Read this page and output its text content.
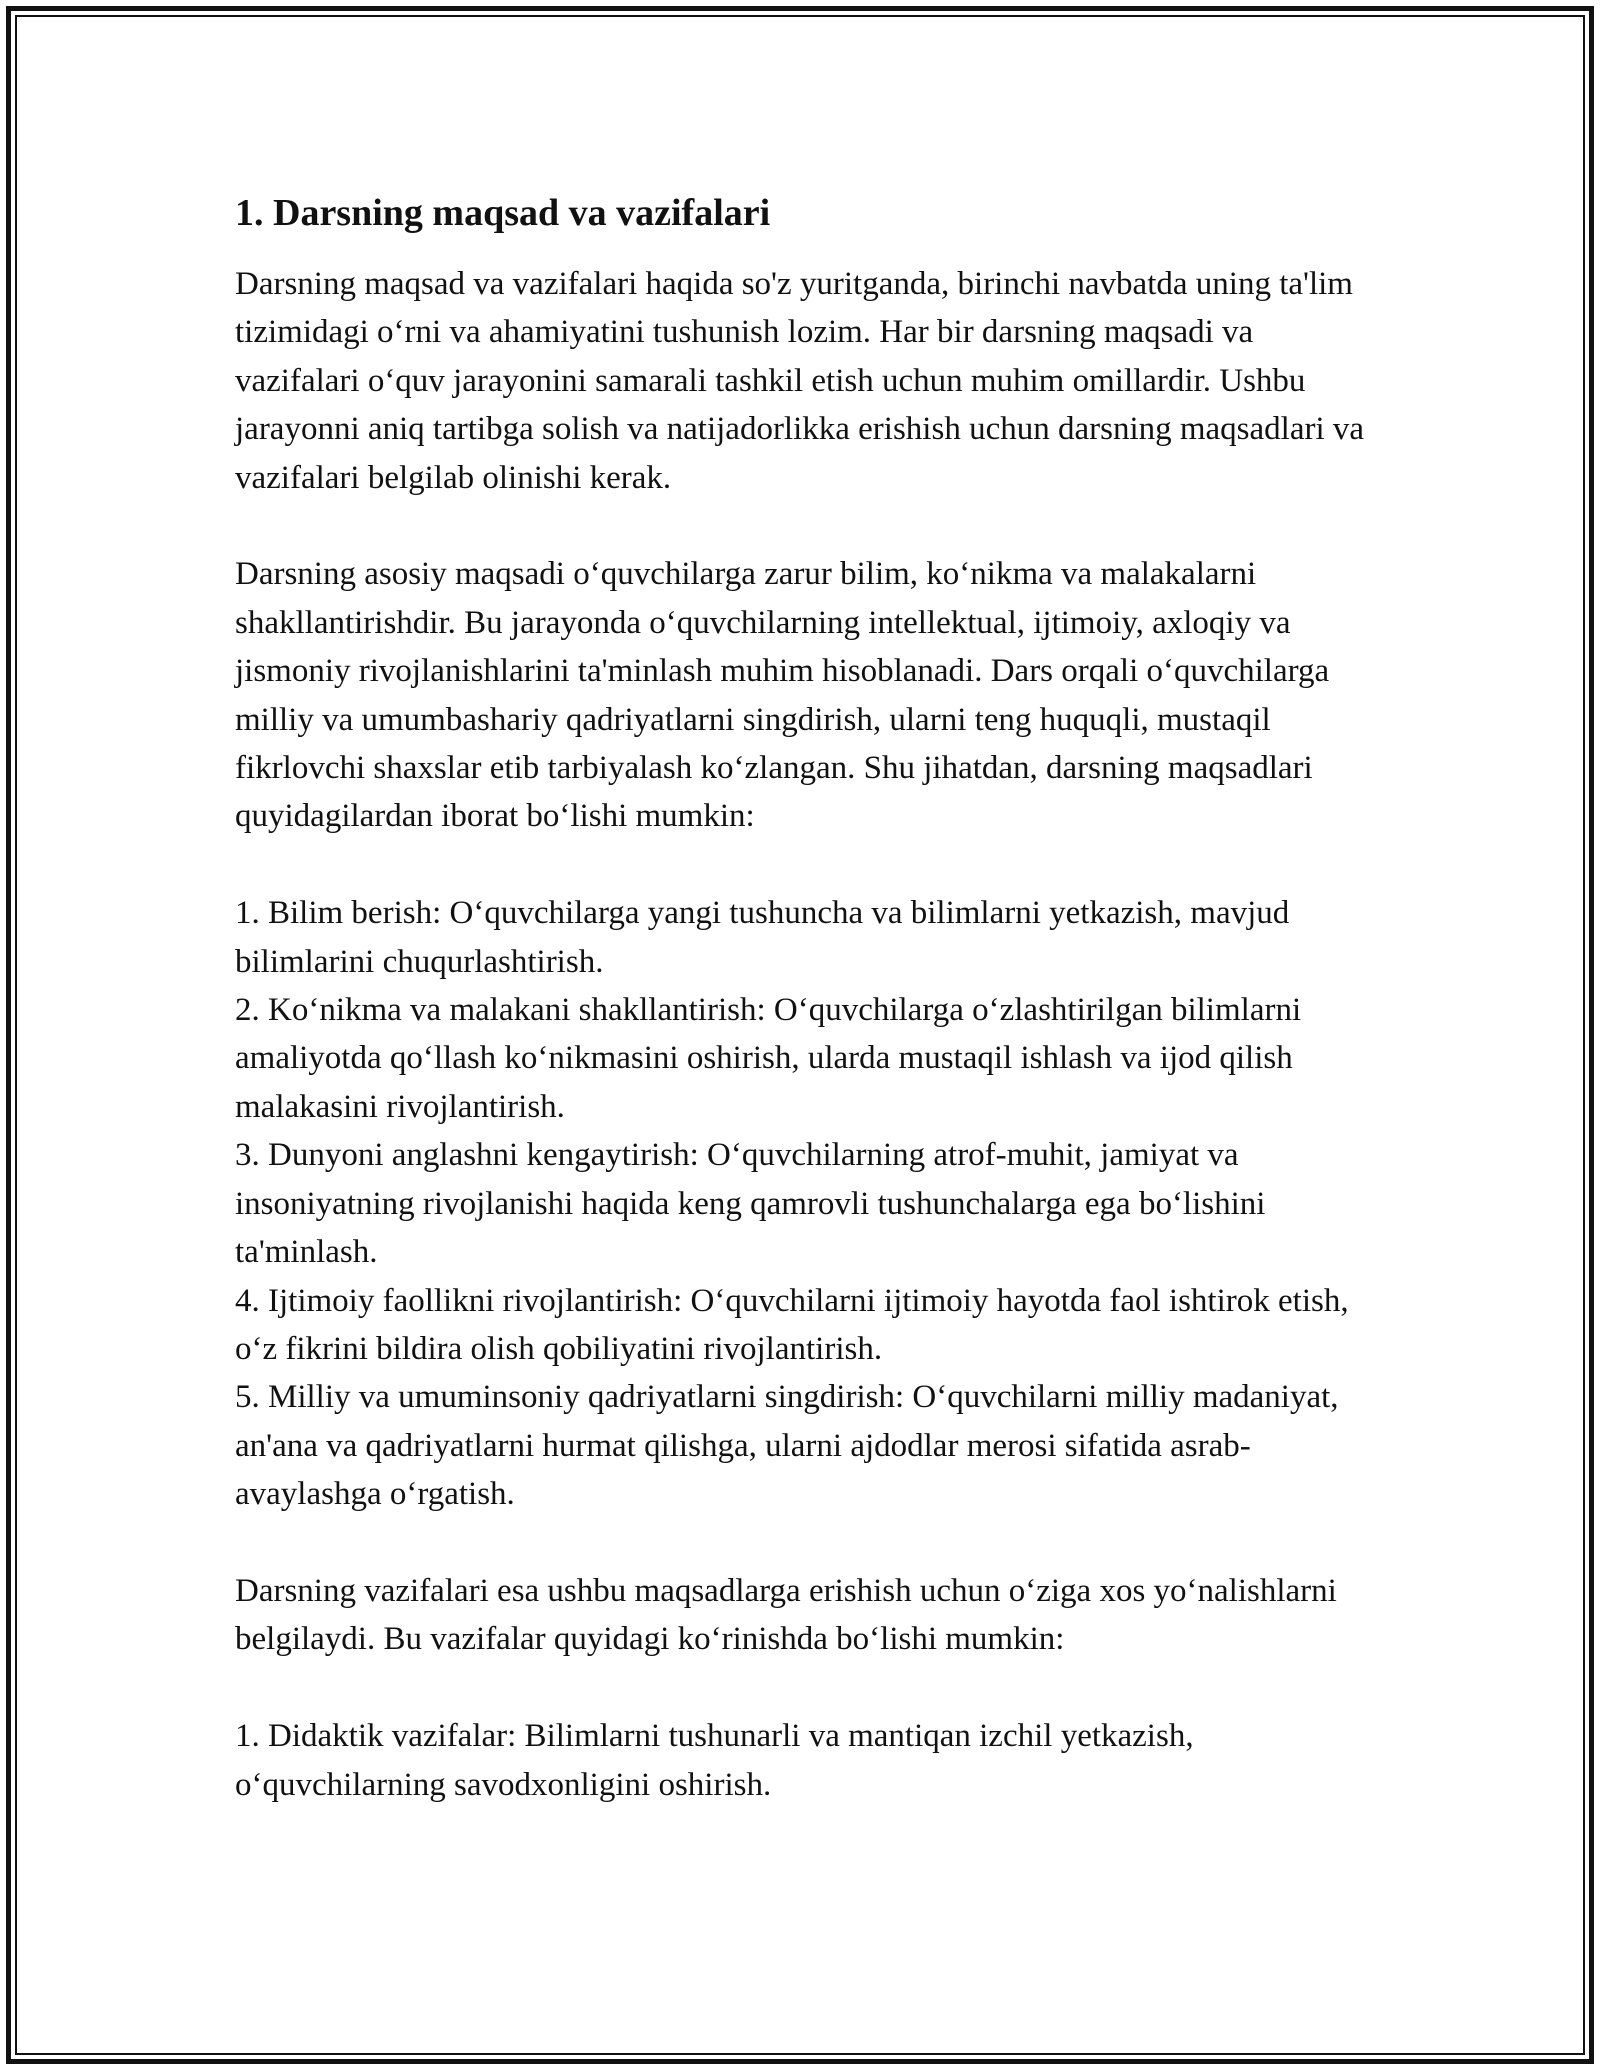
1. Darsning maqsad va vazifalari

Darsning maqsad va vazifalari haqida so'z yuritganda, birinchi navbatda uning ta'lim tizimidagi o‘rni va ahamiyatini tushunish lozim. Har bir darsning maqsadi va vazifalari o‘quv jarayonini samarali tashkil etish uchun muhim omillardir. Ushbu jarayonni aniq tartibga solish va natijadorlikka erishish uchun darsning maqsadlari va vazifalari belgilab olinishi kerak.

Darsning asosiy maqsadi o‘quvchilarga zarur bilim, ko‘nikma va malakalarni shakllantirishdir. Bu jarayonda o‘quvchilarning intellektual, ijtimoiy, axloqiy va jismoniy rivojlanishlarini ta'minlash muhim hisoblanadi. Dars orqali o‘quvchilarga milliy va umumbashariy qadriyatlarni singdirish, ularni teng huquqli, mustaqil fikrlovchi shaxslar etib tarbiyalash ko‘zlangan. Shu jihatdan, darsning maqsadlari quyidagilardan iborat bo‘lishi mumkin:

1. Bilim berish: O‘quvchilarga yangi tushuncha va bilimlarni yetkazish, mavjud bilimlarini chuqurlashtirish.

2. Ko‘nikma va malakani shakllantirish: O‘quvchilarga o‘zlashtirilgan bilimlarni amaliyotda qo‘llash ko‘nikmasini oshirish, ularda mustaqil ishlash va ijod qilish malakasini rivojlantirish.

3. Dunyoni anglashni kengaytirish: O‘quvchilarning atrof-muhit, jamiyat va insoniyatning rivojlanishi haqida keng qamrovli tushunchalarga ega bo‘lishini ta'minlash.

4. Ijtimoiy faollikni rivojlantirish: O‘quvchilarni ijtimoiy hayotda faol ishtirok etish, o‘z fikrini bildira olish qobiliyatini rivojlantirish.

5. Milliy va umuminsoniy qadriyatlarni singdirish: O‘quvchilarni milliy madaniyat, an'ana va qadriyatlarni hurmat qilishga, ularni ajdodlar merosi sifatida asrab-avaylashga o‘rgatish.

Darsning vazifalari esa ushbu maqsadlarga erishish uchun o‘ziga xos yo‘nalishlarni belgilaydi. Bu vazifalar quyidagi ko‘rinishda bo‘lishi mumkin:

1. Didaktik vazifalar: Bilimlarni tushunarli va mantiqan izchil yetkazish, o‘quvchilarning savodxonligini oshirish.
